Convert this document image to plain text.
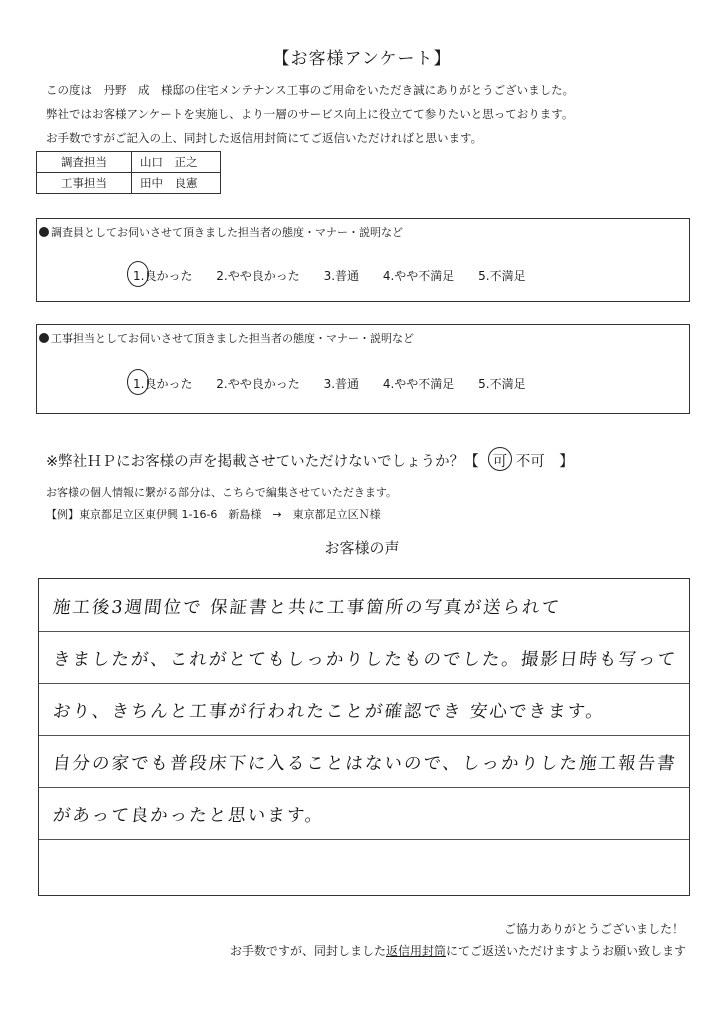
【お客様アンケート】
この度は　丹野　成　様邸の住宅メンテナンス工事のご用命をいただき誠にありがとうございました。
弊社ではお客様アンケートを実施し、より一層のサービス向上に役立てて参りたいと思っております。
お手数ですがご記入の上、同封した返信用封筒にてご返信いただければと思います。
調査担当	山口　正之
工事担当	田中　良憲
調査員としてお伺いさせて頂きました担当者の態度・マナー・説明など
1.良かった 2.やや良かった 3.普通 4.やや不満足 5.不満足
工事担当としてお伺いさせて頂きました担当者の態度・マナー・説明など
1.良かった 2.やや良かった 3.普通 4.やや不満足 5.不満足
※弊社ＨＰにお客様の声を掲載させていただけないでしょうか？【 可 不可　 】
お客様の個人情報に繋がる部分は、こちらで編集させていただきます。
【例】東京都足立区東伊興 1-16-6　新島様　→　東京都足立区Ｎ様
お客様の声
施工後3週間位で 保証書と共に工事箇所の写真が送られて
きましたが、これがとてもしっかりしたものでした。撮影日時も写って
おり、きちんと工事が行われたことが確認でき 安心できます。
自分の家でも普段床下に入ることはないので、しっかりした施工報告書
があって良かったと思います。
ご協力ありがとうございました！
お手数ですが、同封しました返信用封筒にてご返送いただけますようお願い致します
